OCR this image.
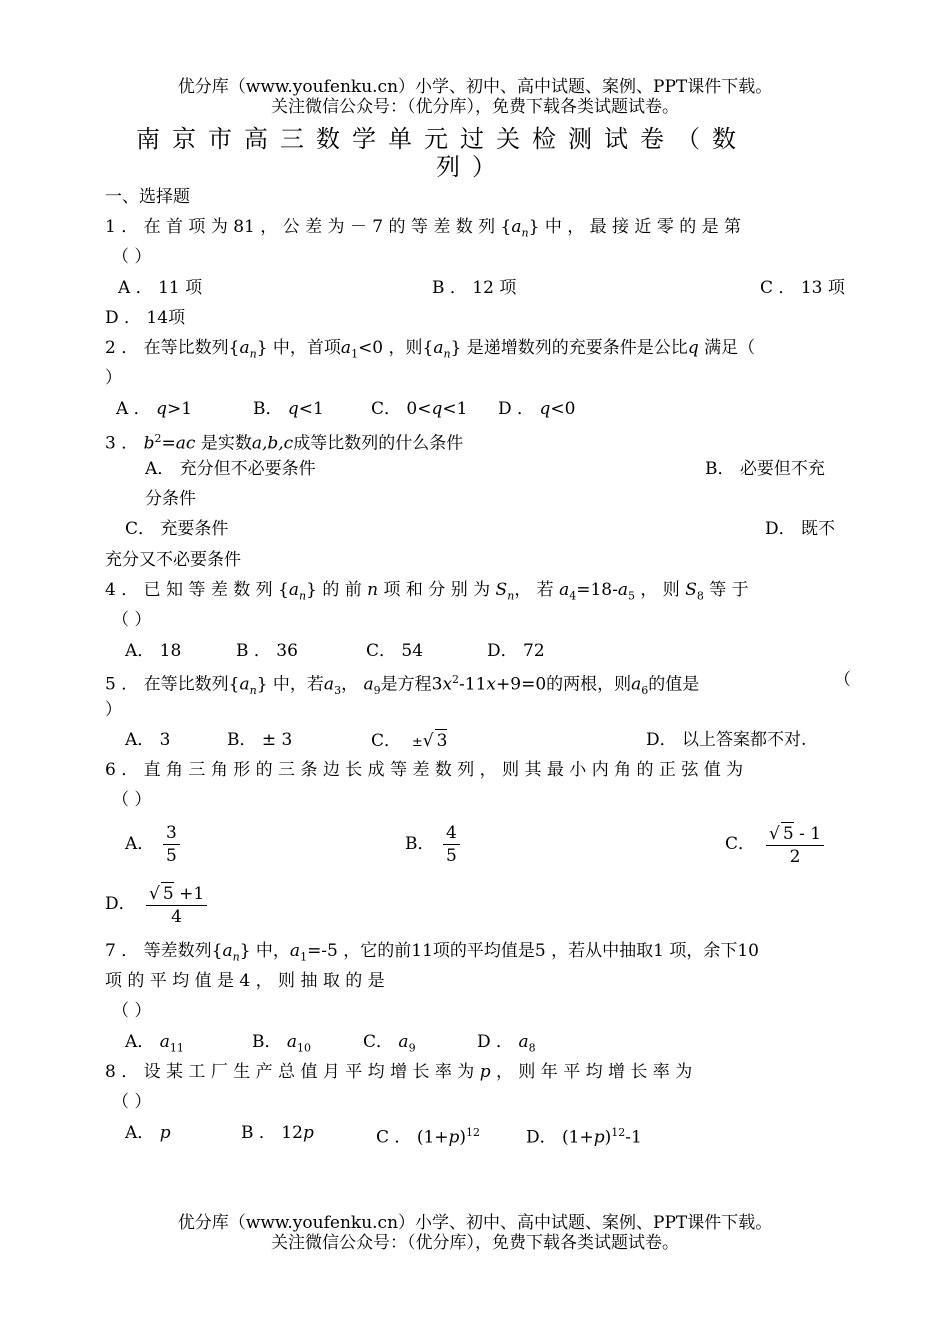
优分库（www.youfenku.cn）小学、初中、高中试题、案例、PPT课件下载。
关注微信公众号：（优分库），免费下载各类试题试卷。
南京市高三数学单元过关检测试卷（数
列）
一、选择题
1 ． 在 首 项 为 81 ， 公 差 为 － 7 的 等 差 数 列 $\{a_n\}$ 中 ， 最 接 近 零 的 是 第
（ ）
A ． 11 项	B ． 12 项	C ． 13 项
D ． 14项
2 ． 在等比数列$\{a_n\}$ 中，首项$a_1<0$ ，则$\{a_n\}$ 是递增数列的充要条件是公比q 满足（
）
A ． q>1	B． q<1	C． 0<q<1 D ． q<0
3 ． $b^2=ac$ 是实数a,b,c成等比数列的什么条件
A． 充分但不必要条件	B． 必要但不充
分条件
C． 充要条件	D． 既不
充分又不必要条件
4 ． 已 知 等 差 数 列 $\{a_n\}$ 的 前 n 项 和 分 别 为 $S_n$， 若 $a_4=18-a_5$ ， 则 $S_8$ 等 于
（ ）
A． 18	B ． 36	C． 54	D． 72
5 ． 在等比数列$\{a_n\}$ 中，若$a_3$， $a_9$是方程$3x^2-11x+9=0$的两根，则$a_6$的值是	（
）
A． 3	B． ± 3	C． ±√ 3	D． 以上答案都不对.
6 ． 直 角 三 角 形 的 三 条 边 长 成 等 差 数 列 ， 则 其 最 小 内 角 的 正 弦 值 为
（ ）
A． $\frac{3}{5}$	B． $\frac{4}{5}$	C． $\frac{√ 5 - 1}{2}$
D． $\frac{√ 5 +1}{4}$
7 ． 等差数列$\{a_n\}$ 中，$a_1=-5$ ，它的前11项的平均值是5 ，若从中抽取1 项，余下10
项 的 平 均 值 是 4 ， 则 抽 取 的 是
（ ）
A． $a_{11}$	B． $a_{10}$	C． $a_9$	D ． $a_8$
8 ． 设 某 工 厂 生 产 总 值 月 平 均 增 长 率 为 p ， 则 年 平 均 增 长 率 为
（ ）
A． p	B ． 12p	C ． $(1+p)^{12}$	D． $(1+p)^{12}-1$
优分库（www.youfenku.cn）小学、初中、高中试题、案例、PPT课件下载。
关注微信公众号：（优分库），免费下载各类试题试卷。
